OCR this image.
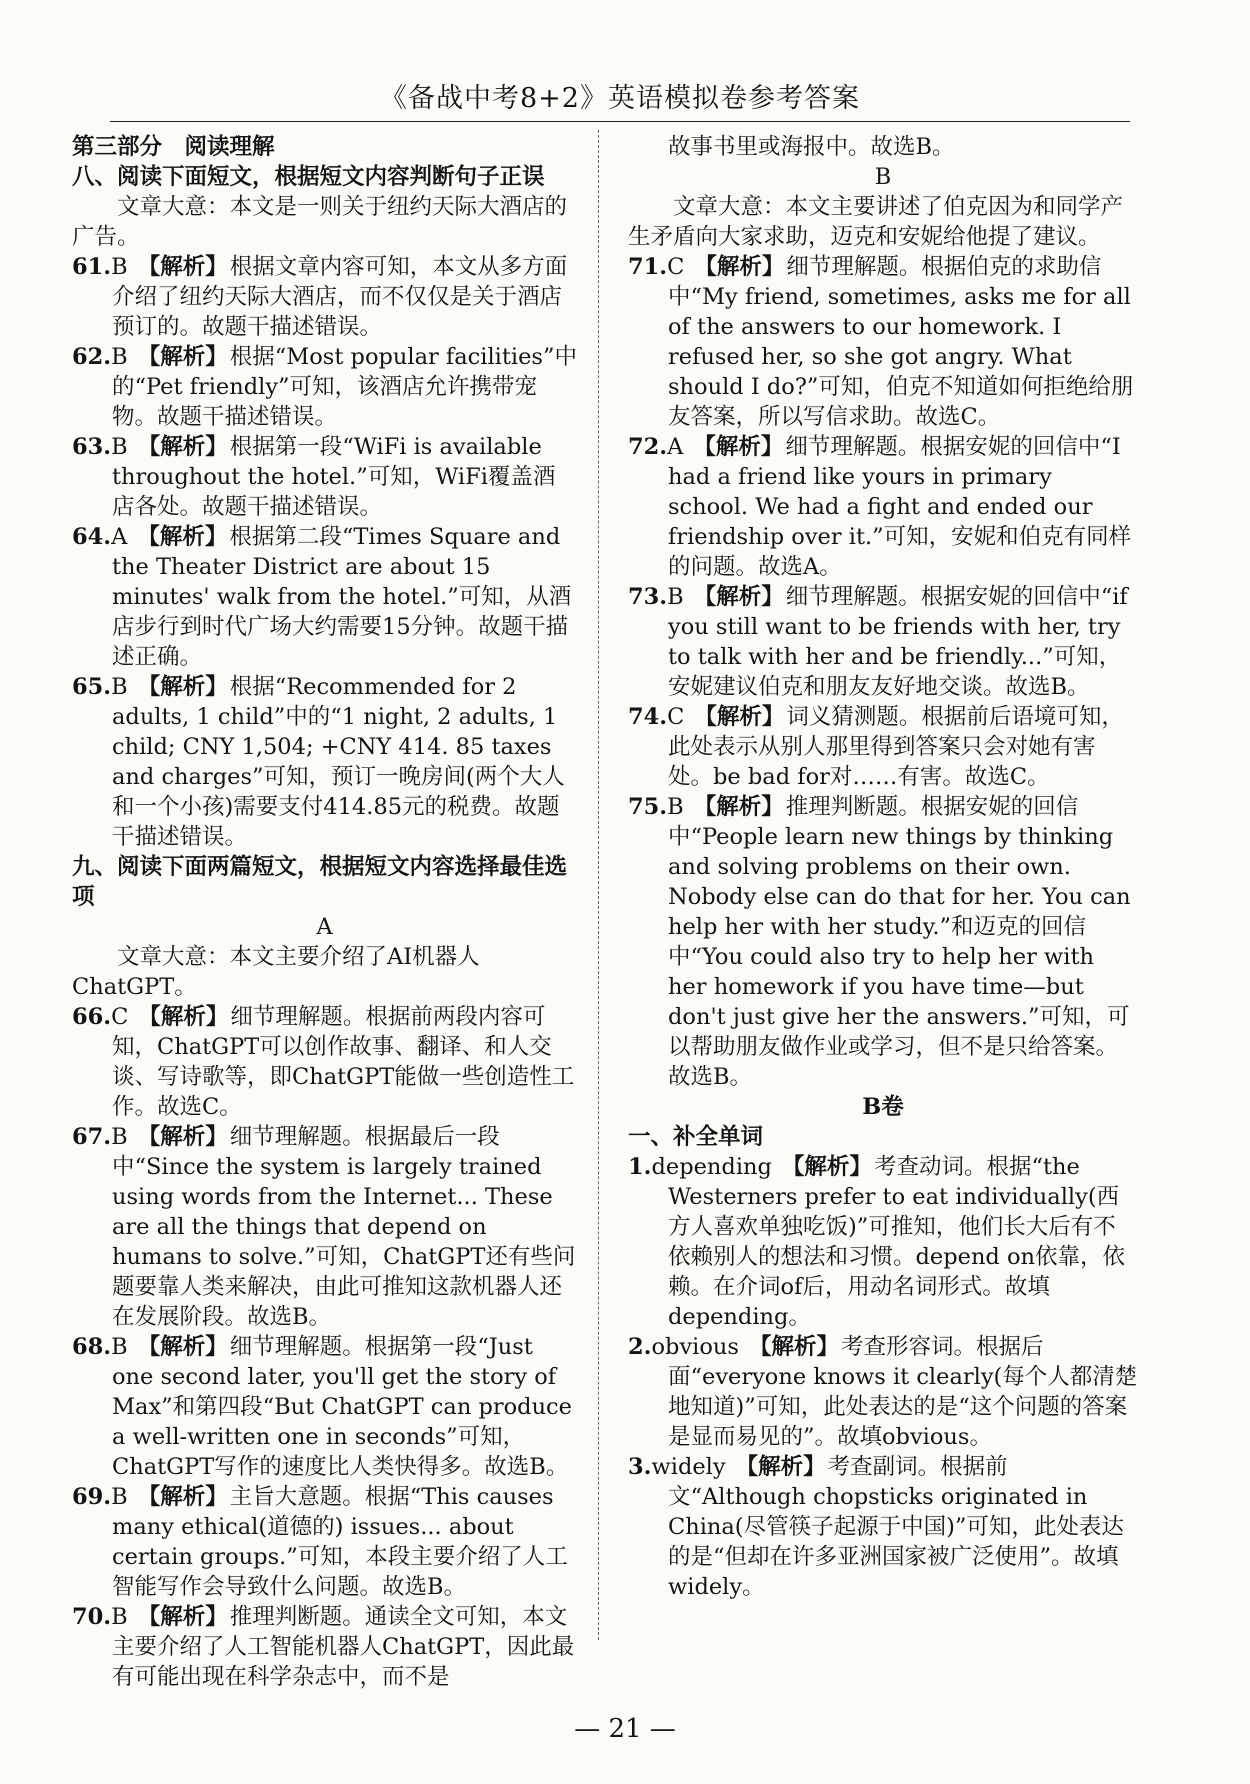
《备战中考8+2》英语模拟卷参考答案

第三部分　阅读理解

八、阅读下面短文，根据短文内容判断句子正误

文章大意：本文是一则关于纽约天际大酒店的广告。

61.B 【解析】根据文章内容可知，本文从多方面介绍了纽约天际大酒店，而不仅仅是关于酒店预订的。故题干描述错误。

62.B 【解析】根据“Most popular facilities”中的“Pet friendly”可知，该酒店允许携带宠物。故题干描述错误。

63.B 【解析】根据第一段“WiFi is available throughout the hotel.”可知，WiFi覆盖酒店各处。故题干描述错误。

64.A 【解析】根据第二段“Times Square and the Theater District are about 15 minutes' walk from the hotel.”可知，从酒店步行到时代广场大约需要15分钟。故题干描述正确。

65.B 【解析】根据“Recommended for 2 adults, 1 child”中的“1 night, 2 adults, 1 child; CNY 1,504; +CNY 414. 85 taxes and charges”可知，预订一晚房间(两个大人和一个小孩)需要支付414.85元的税费。故题干描述错误。

九、阅读下面两篇短文，根据短文内容选择最佳选项

A

文章大意：本文主要介绍了AI机器人ChatGPT。

66.C 【解析】细节理解题。根据前两段内容可知，ChatGPT可以创作故事、翻译、和人交谈、写诗歌等，即ChatGPT能做一些创造性工作。故选C。

67.B 【解析】细节理解题。根据最后一段中“Since the system is largely trained using words from the Internet... These are all the things that depend on humans to solve.”可知，ChatGPT还有些问题要靠人类来解决，由此可推知这款机器人还在发展阶段。故选B。

68.B 【解析】细节理解题。根据第一段“Just one second later, you'll get the story of Max”和第四段“But ChatGPT can produce a well-written one in seconds”可知，ChatGPT写作的速度比人类快得多。故选B。

69.B 【解析】主旨大意题。根据“This causes many ethical(道德的) issues... about certain groups.”可知，本段主要介绍了人工智能写作会导致什么问题。故选B。

70.B 【解析】推理判断题。通读全文可知，本文主要介绍了人工智能机器人ChatGPT，因此最有可能出现在科学杂志中，而不是

故事书里或海报中。故选B。

B

文章大意：本文主要讲述了伯克因为和同学产生矛盾向大家求助，迈克和安妮给他提了建议。

71.C 【解析】细节理解题。根据伯克的求助信中“My friend, sometimes, asks me for all of the answers to our homework. I refused her, so she got angry. What should I do?”可知，伯克不知道如何拒绝给朋友答案，所以写信求助。故选C。

72.A 【解析】细节理解题。根据安妮的回信中“I had a friend like yours in primary school. We had a fight and ended our friendship over it.”可知，安妮和伯克有同样的问题。故选A。

73.B 【解析】细节理解题。根据安妮的回信中“if you still want to be friends with her, try to talk with her and be friendly...”可知，安妮建议伯克和朋友友好地交谈。故选B。

74.C 【解析】词义猜测题。根据前后语境可知，此处表示从别人那里得到答案只会对她有害处。be bad for对……有害。故选C。

75.B 【解析】推理判断题。根据安妮的回信中“People learn new things by thinking and solving problems on their own. Nobody else can do that for her. You can help her with her study.”和迈克的回信中“You could also try to help her with her homework if you have time—but don't just give her the answers.”可知，可以帮助朋友做作业或学习，但不是只给答案。故选B。

B卷

一、补全单词

1.depending 【解析】考查动词。根据“the Westerners prefer to eat individually(西方人喜欢单独吃饭)”可推知，他们长大后有不依赖别人的想法和习惯。depend on依靠，依赖。在介词of后，用动名词形式。故填depending。

2.obvious 【解析】考查形容词。根据后面“everyone knows it clearly(每个人都清楚地知道)”可知，此处表达的是“这个问题的答案是显而易见的”。故填obvious。

3.widely 【解析】考查副词。根据前文“Although chopsticks originated in China(尽管筷子起源于中国)”可知，此处表达的是“但却在许多亚洲国家被广泛使用”。故填widely。

— 21 —
